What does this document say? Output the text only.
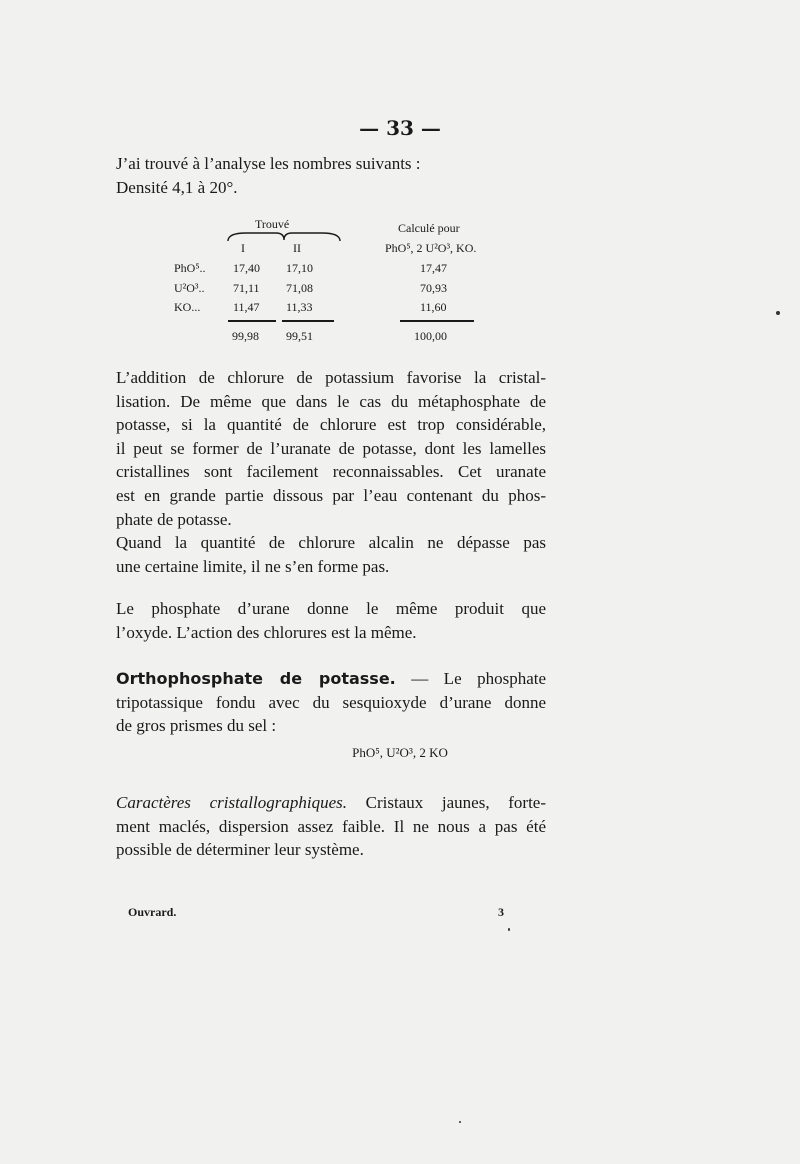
— 33 —
J’ai trouvé à l’analyse les nombres suivants :
Densité 4,1 à 20°.
Trouvé
I	II
Calculé pour
PhO⁵, 2 U²O³, KO.
PhO⁵.. 17,40 17,10	17,47
U²O³.. 71,11 71,08	70,93
KO...	11,47 11,33	11,60
99,98 99,51	100,00
L’addition de chlorure de potassium favorise la cristal-
lisation. De même que dans le cas du métaphosphate de
potasse, si la quantité de chlorure est trop considérable,
il peut se former de l’uranate de potasse, dont les lamelles
cristallines sont facilement reconnaissables. Cet uranate
est en grande partie dissous par l’eau contenant du phos-
phate de potasse.
Quand la quantité de chlorure alcalin ne dépasse pas
une certaine limite, il ne s’en forme pas.
Le phosphate d’urane donne le même produit que
l’oxyde. L’action des chlorures est la même.
Orthophosphate de potasse. — Le phosphate
tripotassique fondu avec du sesquioxyde d’urane donne
de gros prismes du sel :
PhO⁵, U²O³, 2 KO
Caractères cristallographiques. Cristaux jaunes, forte-
ment maclés, dispersion assez faible. Il ne nous a pas été
possible de déterminer leur système.
Ouvrard.	3
